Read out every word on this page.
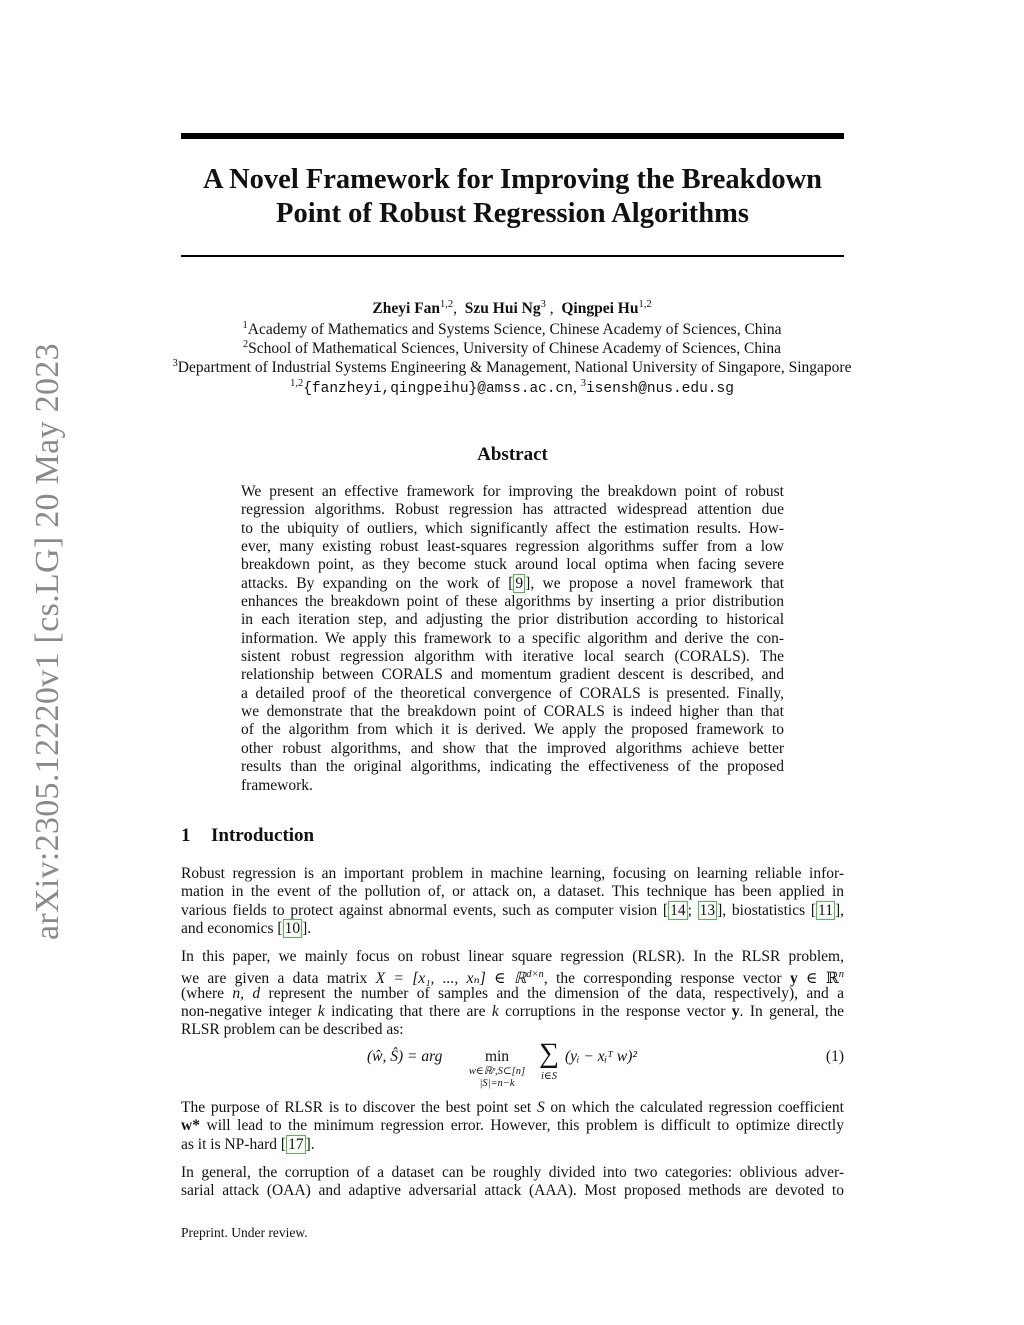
arXiv:2305.12220v1 [cs.LG] 20 May 2023
A Novel Framework for Improving the Breakdown
Point of Robust Regression Algorithms
Zheyi Fan$^{1,2}$,  Szu Hui Ng$^3$ ,  Qingpei Hu$^{1,2}$
$^1$Academy of Mathematics and Systems Science, Chinese Academy of Sciences, China
$^2$School of Mathematical Sciences, University of Chinese Academy of Sciences, China
$^3$Department of Industrial Systems Engineering & Management, National University of Singapore, Singapore
$^{1,2}${fanzheyi,qingpeihu}@amss.ac.cn, $^3$isensh@nus.edu.sg
Abstract
We present an effective framework for improving the breakdown point of robust
regression algorithms. Robust regression has attracted widespread attention due
to the ubiquity of outliers, which significantly affect the estimation results. How-
ever, many existing robust least-squares regression algorithms suffer from a low
breakdown point, as they become stuck around local optima when facing severe
attacks. By expanding on the work of [ 9 ], we propose a novel framework that
enhances the breakdown point of these algorithms by inserting a prior distribution
in each iteration step, and adjusting the prior distribution according to historical
information. We apply this framework to a specific algorithm and derive the con-
sistent robust regression algorithm with iterative local search (CORALS). The
relationship between CORALS and momentum gradient descent is described, and
a detailed proof of the theoretical convergence of CORALS is presented. Finally,
we demonstrate that the breakdown point of CORALS is indeed higher than that
of the algorithm from which it is derived. We apply the proposed framework to
other robust algorithms, and show that the improved algorithms achieve better
results than the original algorithms, indicating the effectiveness of the proposed
framework.
1 Introduction
Robust regression is an important problem in machine learning, focusing on learning reliable infor-
mation in the event of the pollution of, or attack on, a dataset. This technique has been applied in
various fields to protect against abnormal events, such as computer vision [ 14 ; 13 ], biostatistics [ 11 ],
and economics [ 10 ].
In this paper, we mainly focus on robust linear square regression (RLSR). In the RLSR problem,
we are given a data matrix X = [x₁, ..., xₙ] ∈ ℝ$^{d\times n}$, the corresponding response vector y ∈ ℝ$^n$
(where n, d represent the number of samples and the dimension of the data, respectively), and a
non-negative integer k indicating that there are k corruptions in the response vector y. In general, the
RLSR problem can be described as:
(ŵ, Ŝ) = arg	min
w∈ℝᵖ,S⊂[n]
|S|=n−k
∑
i∈S
(yᵢ − xᵢᵀ w)²	(1)
The purpose of RLSR is to discover the best point set S on which the calculated regression coefficient
w* will lead to the minimum regression error. However, this problem is difficult to optimize directly
as it is NP-hard [ 17 ].
In general, the corruption of a dataset can be roughly divided into two categories: oblivious adver-
sarial attack (OAA) and adaptive adversarial attack (AAA). Most proposed methods are devoted to
Preprint. Under review.
